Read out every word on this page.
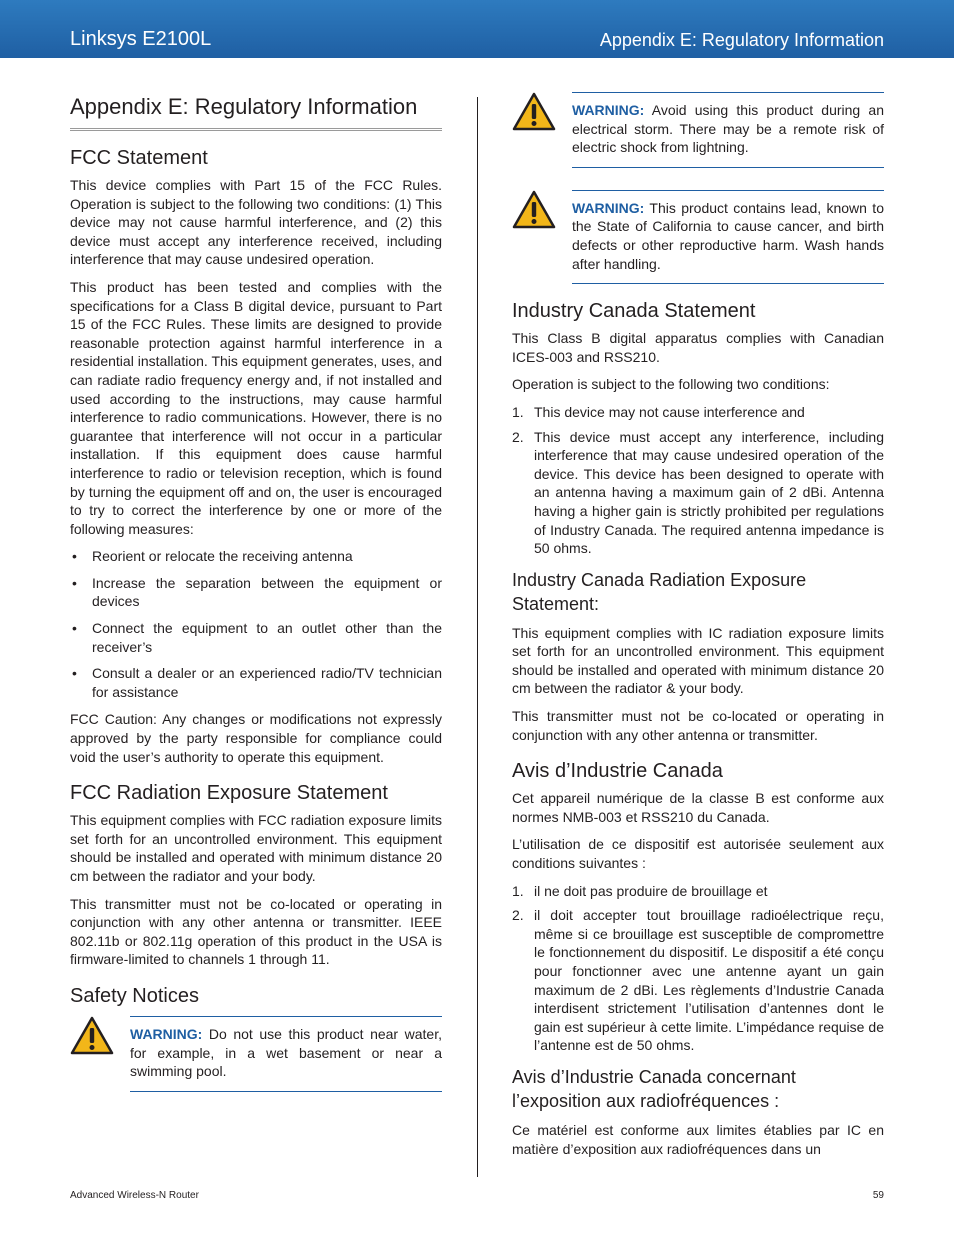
Linksys E2100L	Appendix E: Regulatory Information
Appendix E: Regulatory Information
FCC Statement

This device complies with Part 15 of the FCC Rules. Operation is subject to the following two conditions: (1) This device may not cause harmful interference, and (2) this device must accept any interference received, including interference that may cause undesired operation.

This product has been tested and complies with the specifications for a Class B digital device, pursuant to Part 15 of the FCC Rules. These limits are designed to provide reasonable protection against harmful interference in a residential installation. This equipment generates, uses, and can radiate radio frequency energy and, if not installed and used according to the instructions, may cause harmful interference to radio communications. However, there is no guarantee that interference will not occur in a particular installation. If this equipment does cause harmful interference to radio or television reception, which is found by turning the equipment off and on, the user is encouraged to try to correct the interference by one or more of the following measures:

• Reorient or relocate the receiving antenna
• Increase the separation between the equipment or devices
• Connect the equipment to an outlet other than the receiver’s
• Consult a dealer or an experienced radio/TV technician for assistance

FCC Caution: Any changes or modifications not expressly approved by the party responsible for compliance could void the user’s authority to operate this equipment.

FCC Radiation Exposure Statement

This equipment complies with FCC radiation exposure limits set forth for an uncontrolled environment. This equipment should be installed and operated with minimum distance 20 cm between the radiator and your body.

This transmitter must not be co-located or operating in conjunction with any other antenna or transmitter. IEEE 802.11b or 802.11g operation of this product in the USA is firmware-limited to channels 1 through 11.

Safety Notices
WARNING: Do not use this product near water, for example, in a wet basement or near a swimming pool.
WARNING: Avoid using this product during an electrical storm. There may be a remote risk of electric shock from lightning.
WARNING: This product contains lead, known to the State of California to cause cancer, and birth defects or other reproductive harm. Wash hands after handling.
Industry Canada Statement

This Class B digital apparatus complies with Canadian ICES-003 and RSS210.

Operation is subject to the following two conditions:

1. This device may not cause interference and
2. This device must accept any interference, including interference that may cause undesired operation of the device. This device has been designed to operate with an antenna having a maximum gain of 2 dBi. Antenna having a higher gain is strictly prohibited per regulations of Industry Canada. The required antenna impedance is 50 ohms.
Industry Canada Radiation Exposure Statement:

This equipment complies with IC radiation exposure limits set forth for an uncontrolled environment. This equipment should be installed and operated with minimum distance 20 cm between the radiator & your body.

This transmitter must not be co-located or operating in conjunction with any other antenna or transmitter.

Avis d’Industrie Canada

Cet appareil numérique de la classe B est conforme aux normes NMB-003 et RSS210 du Canada.

L’utilisation de ce dispositif est autorisée seulement aux conditions suivantes :

1. il ne doit pas produire de brouillage et
2. il doit accepter tout brouillage radioélectrique reçu, même si ce brouillage est susceptible de compromettre le fonctionnement du dispositif. Le dispositif a été conçu pour fonctionner avec une antenne ayant un gain maximum de 2 dBi. Les règlements d’Industrie Canada interdisent strictement l’utilisation d’antennes dont le gain est supérieur à cette limite. L’impédance requise de l’antenne est de 50 ohms.
Avis d’Industrie Canada concernant l’exposition aux radiofréquences :

Ce matériel est conforme aux limites établies par IC en matière d’exposition aux radiofréquences dans un

Advanced Wireless-N Router	59
